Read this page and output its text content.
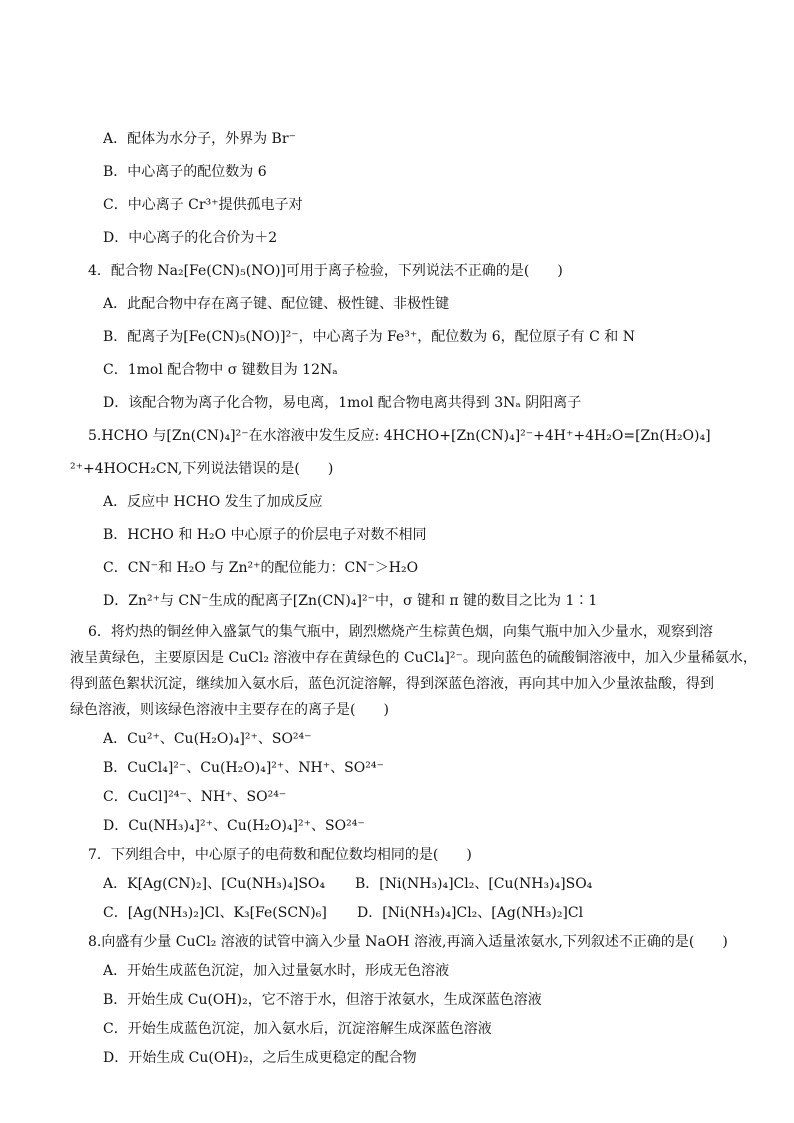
A．配体为水分子，外界为 Br⁻
B．中心离子的配位数为 6
C．中心离子 Cr³⁺提供孤电子对
D．中心离子的化合价为＋2
4．配合物 Na₂[Fe(CN)₅(NO)]可用于离子检验，下列说法不正确的是(　　)
A．此配合物中存在离子键、配位键、极性键、非极性键
B．配离子为[Fe(CN)₅(NO)]²⁻，中心离子为 Fe³⁺，配位数为 6，配位原子有 C 和 N
C．1mol 配合物中 σ 键数目为 12Nₐ
D．该配合物为离子化合物，易电离，1mol 配合物电离共得到 3Nₐ 阴阳离子
5.HCHO 与[Zn(CN)₄]²⁻在水溶液中发生反应: 4HCHO+[Zn(CN)₄]²⁻+4H⁺+4H₂O=[Zn(H₂O)₄]
²⁺+4HOCH₂CN,下列说法错误的是(　　)
A．反应中 HCHO 发生了加成反应
B．HCHO 和 H₂O 中心原子的价层电子对数不相同
C．CN⁻和 H₂O 与 Zn²⁺的配位能力：CN⁻＞H₂O
D．Zn²⁺与 CN⁻生成的配离子[Zn(CN)₄]²⁻中，σ 键和 π 键的数目之比为 1∶1
6．将灼热的铜丝伸入盛氯气的集气瓶中，剧烈燃烧产生棕黄色烟，向集气瓶中加入少量水，观察到溶
液呈黄绿色，主要原因是 CuCl₂ 溶液中存在黄绿色的 CuCl₄]²⁻。现向蓝色的硫酸铜溶液中，加入少量稀氨水，
得到蓝色絮状沉淀，继续加入氨水后，蓝色沉淀溶解，得到深蓝色溶液，再向其中加入少量浓盐酸，得到
绿色溶液，则该绿色溶液中主要存在的离子是(　　)
A．Cu²⁺、Cu(H₂O)₄]²⁺、SO²⁴⁻
B．CuCl₄]²⁻、Cu(H₂O)₄]²⁺、NH⁺、SO²⁴⁻
C．CuCl]²⁴⁻、NH⁺、SO²⁴⁻
D．Cu(NH₃)₄]²⁺、Cu(H₂O)₄]²⁺、SO²⁴⁻
7．下列组合中，中心原子的电荷数和配位数均相同的是(　　)
A．K[Ag(CN)₂]、[Cu(NH₃)₄]SO₄ B．[Ni(NH₃)₄]Cl₂、[Cu(NH₃)₄]SO₄
C．[Ag(NH₃)₂]Cl、K₃[Fe(SCN)₆] D．[Ni(NH₃)₄]Cl₂、[Ag(NH₃)₂]Cl
8.向盛有少量 CuCl₂ 溶液的试管中滴入少量 NaOH 溶液,再滴入适量浓氨水,下列叙述不正确的是(　　)
A．开始生成蓝色沉淀，加入过量氨水时，形成无色溶液
B．开始生成 Cu(OH)₂，它不溶于水，但溶于浓氨水，生成深蓝色溶液
C．开始生成蓝色沉淀，加入氨水后，沉淀溶解生成深蓝色溶液
D．开始生成 Cu(OH)₂，之后生成更稳定的配合物
